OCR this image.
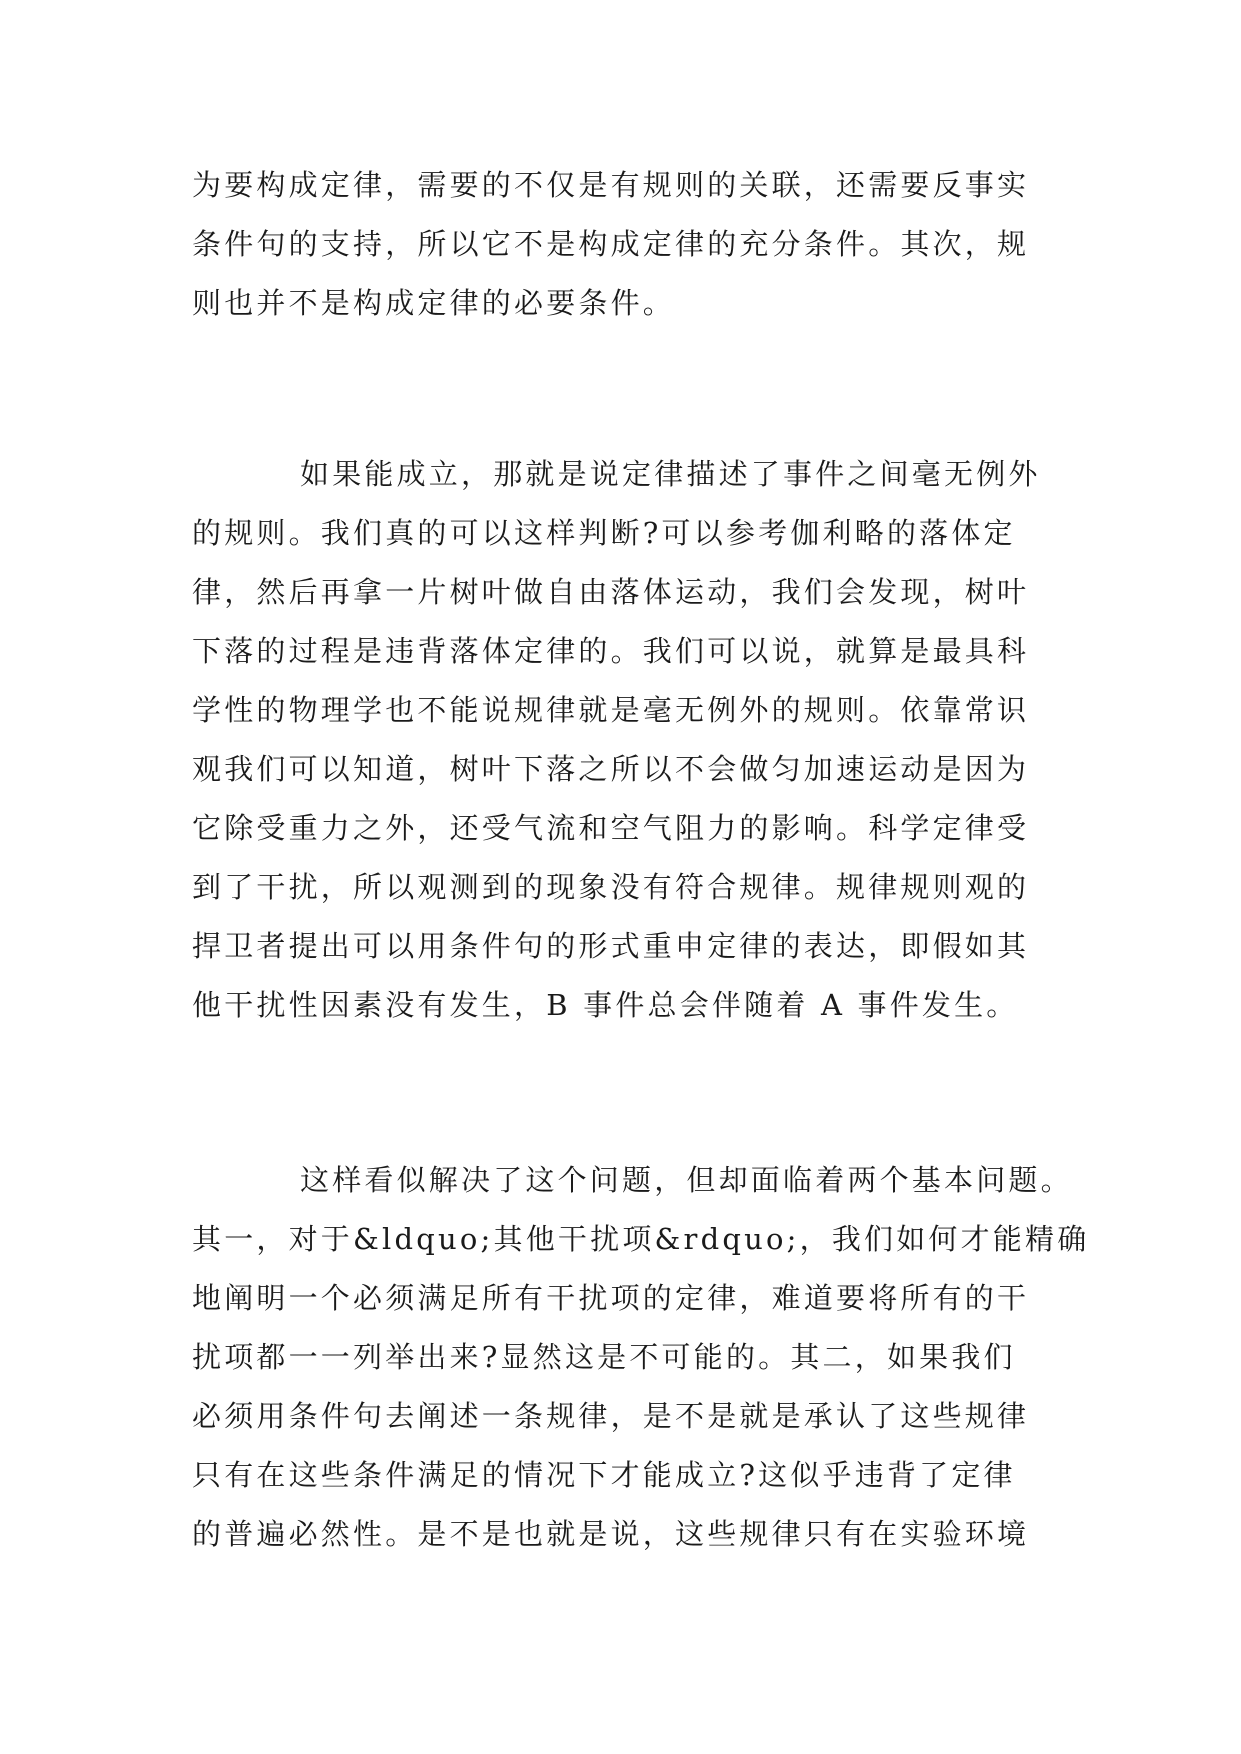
为要构成定律，需要的不仅是有规则的关联，还需要反事实
条件句的支持，所以它不是构成定律的充分条件。其次，规
则也并不是构成定律的必要条件。
如果能成立，那就是说定律描述了事件之间毫无例外
的规则。我们真的可以这样判断?可以参考伽利略的落体定
律，然后再拿一片树叶做自由落体运动，我们会发现，树叶
下落的过程是违背落体定律的。我们可以说，就算是最具科
学性的物理学也不能说规律就是毫无例外的规则。依靠常识
观我们可以知道，树叶下落之所以不会做匀加速运动是因为
它除受重力之外，还受气流和空气阻力的影响。科学定律受
到了干扰，所以观测到的现象没有符合规律。规律规则观的
捍卫者提出可以用条件句的形式重申定律的表达，即假如其
他干扰性因素没有发生，B 事件总会伴随着 A 事件发生。
这样看似解决了这个问题，但却面临着两个基本问题。
其一，对于&ldquo;其他干扰项&rdquo;，我们如何才能精确
地阐明一个必须满足所有干扰项的定律，难道要将所有的干
扰项都一一列举出来?显然这是不可能的。其二，如果我们
必须用条件句去阐述一条规律，是不是就是承认了这些规律
只有在这些条件满足的情况下才能成立?这似乎违背了定律
的普遍必然性。是不是也就是说，这些规律只有在实验环境
